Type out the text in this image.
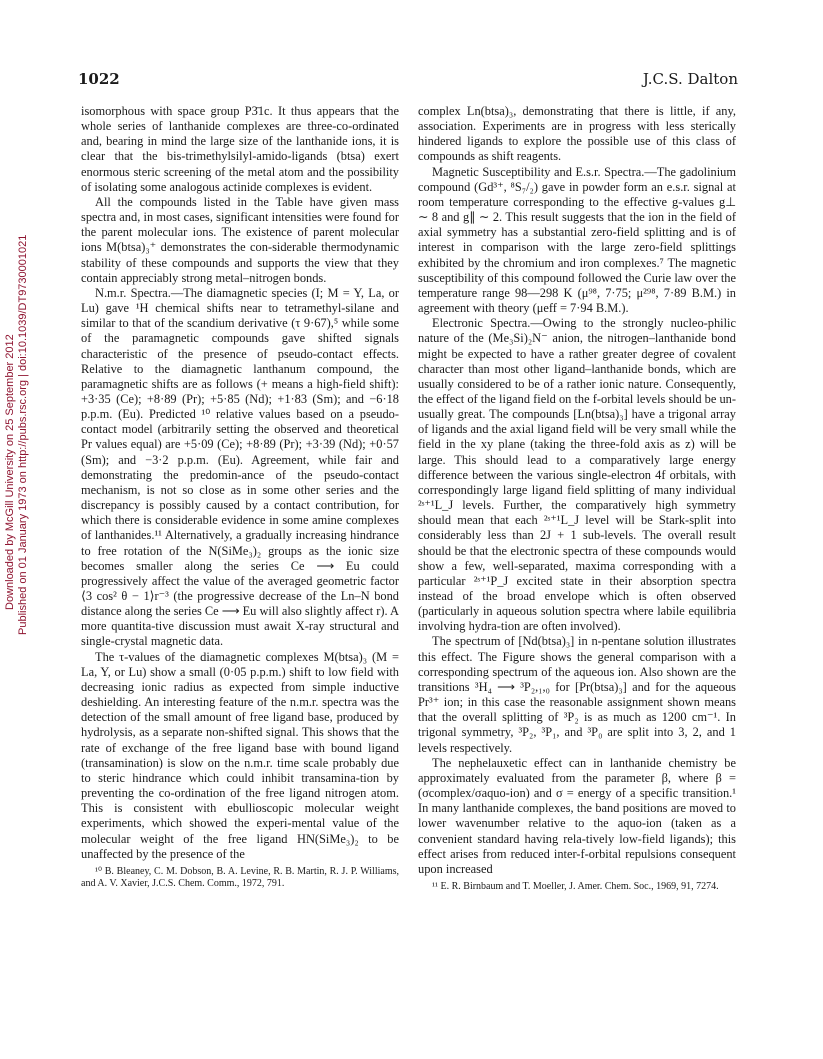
Downloaded by McGill University on 25 September 2012 Published on 01 January 1973 on http://pubs.rsc.org | doi:10.1039/DT9730001021
1022	J.C.S. Dalton

isomorphous with space group P3̄1c. It thus appears that the whole series of lanthanide complexes are three-co-ordinated and, bearing in mind the large size of the lanthanide ions, it is clear that the bis-trimethylsilyl-amido-ligands (btsa) exert enormous steric screening of the metal atom and the possibility of isolating some analogous actinide complexes is evident.

All the compounds listed in the Table have given mass spectra and, in most cases, significant intensities were found for the parent molecular ions. The existence of parent molecular ions M(btsa)₃⁺ demonstrates the con-siderable thermodynamic stability of these compounds and supports the view that they contain appreciably strong metal–nitrogen bonds.

N.m.r. Spectra.—The diamagnetic species (I; M = Y, La, or Lu) gave ¹H chemical shifts near to tetramethyl-silane and similar to that of the scandium derivative (τ 9·67),⁵ while some of the paramagnetic compounds gave shifted signals characteristic of the presence of pseudo-contact effects. Relative to the diamagnetic lanthanum compound, the paramagnetic shifts are as follows (+ means a high-field shift): +3·35 (Ce); +8·89 (Pr); +5·85 (Nd); +1·83 (Sm); and −6·18 p.p.m. (Eu). Predicted ¹⁰ relative values based on a pseudo-contact model (arbitrarily setting the observed and theoretical Pr values equal) are +5·09 (Ce); +8·89 (Pr); +3·39 (Nd); +0·57 (Sm); and −3·2 p.p.m. (Eu). Agreement, while fair and demonstrating the predomin-ance of the pseudo-contact mechanism, is not so close as in some other series and the discrepancy is possibly caused by a contact contribution, for which there is considerable evidence in some amine complexes of lanthanides.¹¹ Alternatively, a gradually increasing hindrance to free rotation of the N(SiMe₃)₂ groups as the ionic size becomes smaller along the series Ce ⟶ Eu could progressively affect the value of the averaged geometric factor ⟨3 cos² θ − 1⟩r⁻³ (the progressive decrease of the Ln–N bond distance along the series Ce ⟶ Eu will also slightly affect r). A more quantita-tive discussion must await X-ray structural and single-crystal magnetic data.

The τ-values of the diamagnetic complexes M(btsa)₃ (M = La, Y, or Lu) show a small (0·05 p.p.m.) shift to low field with decreasing ionic radius as expected from simple inductive deshielding. An interesting feature of the n.m.r. spectra was the detection of the small amount of free ligand base, produced by hydrolysis, as a separate non-shifted signal. This shows that the rate of exchange of the free ligand base with bound ligand (transamination) is slow on the n.m.r. time scale probably due to steric hindrance which could inhibit transamina-tion by preventing the co-ordination of the free ligand nitrogen atom. This is consistent with ebullioscopic molecular weight experiments, which showed the experi-mental value of the molecular weight of the free ligand HN(SiMe₃)₂ to be unaffected by the presence of the

¹⁰ B. Bleaney, C. M. Dobson, B. A. Levine, R. B. Martin, R. J. P. Williams, and A. V. Xavier, J.C.S. Chem. Comm., 1972, 791.

complex Ln(btsa)₃, demonstrating that there is little, if any, association. Experiments are in progress with less sterically hindered ligands to explore the possible use of this class of compounds as shift reagents.

Magnetic Susceptibility and E.s.r. Spectra.—The gadolinium compound (Gd³⁺, ⁸S₇/₂) gave in powder form an e.s.r. signal at room temperature corresponding to the effective g-values g⊥ ∼ 8 and g∥ ∼ 2. This result suggests that the ion in the field of axial symmetry has a substantial zero-field splitting and is of interest in comparison with the large zero-field splittings exhibited by the chromium and iron complexes.⁷ The magnetic susceptibility of this compound followed the Curie law over the temperature range 98—298 K (μ⁹⁸, 7·75; μ²⁹⁸, 7·89 B.M.) in agreement with theory (μeff = 7·94 B.M.).

Electronic Spectra.—Owing to the strongly nucleo-philic nature of the (Me₃Si)₂N⁻ anion, the nitrogen–lanthanide bond might be expected to have a rather greater degree of covalent character than most other ligand–lanthanide bonds, which are usually considered to be of a rather ionic nature. Consequently, the effect of the ligand field on the f-orbital levels should be un-usually great. The compounds [Ln(btsa)₃] have a trigonal array of ligands and the axial ligand field will be very small while the field in the xy plane (taking the three-fold axis as z) will be large. This should lead to a comparatively large energy difference between the various single-electron 4f orbitals, with correspondingly large ligand field splitting of many individual ²ˢ⁺¹L_J levels. Further, the comparatively high symmetry should mean that each ²ˢ⁺¹L_J level will be Stark-split into considerably less than 2J + 1 sub-levels. The overall result should be that the electronic spectra of these compounds would show a few, well-separated, maxima corresponding with a particular ²ˢ⁺¹P_J excited state in their absorption spectra instead of the broad envelope which is often observed (particularly in aqueous solution spectra where labile equilibria involving hydra-tion are often involved).

The spectrum of [Nd(btsa)₃] in n-pentane solution illustrates this effect. The Figure shows the general comparison with a corresponding spectrum of the aqueous ion. Also shown are the transitions ³H₄ ⟶ ³P₂,₁,₀ for [Pr(btsa)₃] and for the aqueous Pr³⁺ ion; in this case the reasonable assignment shown means that the overall splitting of ³P₂ is as much as 1200 cm⁻¹. In trigonal symmetry, ³P₂, ³P₁, and ³P₀ are split into 3, 2, and 1 levels respectively.

The nephelauxetic effect can in lanthanide chemistry be approximately evaluated from the parameter β, where β = (σcomplex/σaquo-ion) and σ = energy of a specific transition.¹ In many lanthanide complexes, the band positions are moved to lower wavenumber relative to the aquo-ion (taken as a convenient standard having rela-tively low-field ligands); this effect arises from reduced inter-f-orbital repulsions consequent upon increased

¹¹ E. R. Birnbaum and T. Moeller, J. Amer. Chem. Soc., 1969, 91, 7274.
